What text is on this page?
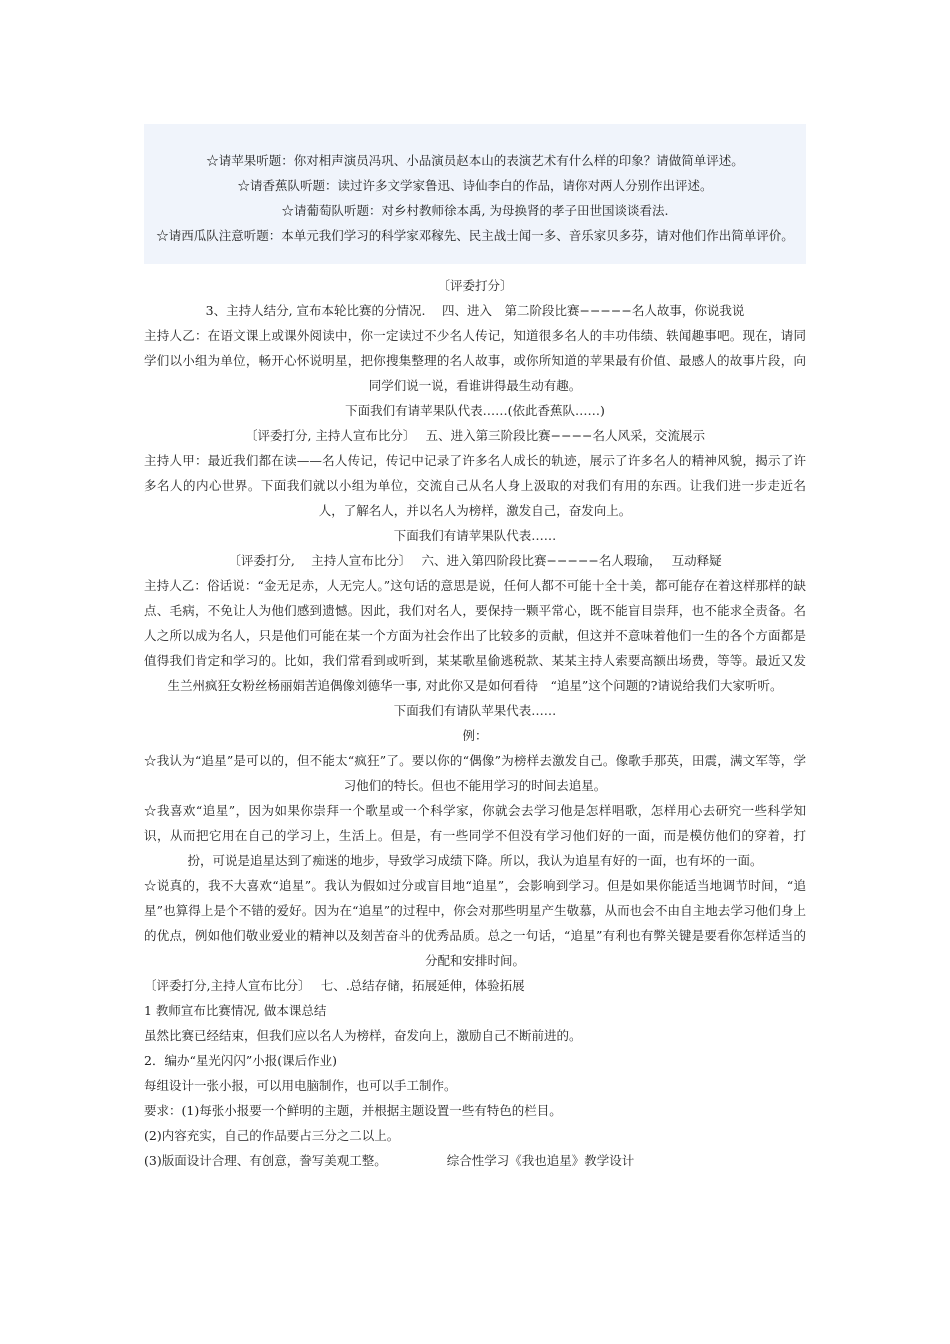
☆请苹果听题：你对相声演员冯巩、小品演员赵本山的表演艺术有什么样的印象？请做简单评述。

☆请香蕉队听题：读过许多文学家鲁迅、诗仙李白的作品，请你对两人分别作出评述。

☆请葡萄队听题：对乡村教师徐本禹, 为母换肾的孝子田世国谈谈看法.

☆请西瓜队注意听题：本单元我们学习的科学家邓稼先、民主战士闻一多、音乐家贝多芬，请对他们作出简单评价。

〔评委打分〕

3、主持人结分, 宣布本轮比赛的分情况.　 四、进入　第二阶段比赛−−−−−名人故事，你说我说

主持人乙：在语文课上或课外阅读中，你一定读过不少名人传记，知道很多名人的丰功伟绩、轶闻趣事吧。现在，请同学们以小组为单位，畅开心怀说明星，把你搜集整理的名人故事，或你所知道的苹果最有价值、最感人的故事片段，向同学们说一说，看谁讲得最生动有趣。

下面我们有请苹果队代表……(依此香蕉队……)

〔评委打分, 主持人宣布比分〕　 五、进入第三阶段比赛−−−−名人风采，交流展示

主持人甲：最近我们都在读——名人传记，传记中记录了许多名人成长的轨迹，展示了许多名人的精神风貌，揭示了许多名人的内心世界。下面我们就以小组为单位，交流自己从名人身上汲取的对我们有用的东西。让我们进一步走近名人，了解名人，并以名人为榜样，激发自己，奋发向上。

下面我们有请苹果队代表……

〔评委打分,　 主持人宣布比分〕　 六、进入第四阶段比赛−−−−−名人瑕瑜，　 互动释疑

主持人乙：俗话说：“金无足赤，人无完人。”这句话的意思是说，任何人都不可能十全十美，都可能存在着这样那样的缺点、毛病，不免让人为他们感到遗憾。因此，我们对名人，要保持一颗平常心，既不能盲目崇拜，也不能求全责备。名人之所以成为名人，只是他们可能在某一个方面为社会作出了比较多的贡献，但这并不意味着他们一生的各个方面都是值得我们肯定和学习的。比如，我们常看到或听到，某某歌星偷逃税款、某某主持人索要高额出场费，等等。最近又发生兰州疯狂女粉丝杨丽娟苦追偶像刘德华一事, 对此你又是如何看待　“追星”这个问题的?请说给我们大家听听。

下面我们有请队苹果代表……

例：

☆我认为“追星”是可以的，但不能太“疯狂”了。要以你的“偶像”为榜样去激发自己。像歌手那英，田震，满文军等，学习他们的特长。但也不能用学习的时间去追星。

☆我喜欢“追星”，因为如果你崇拜一个歌星或一个科学家，你就会去学习他是怎样唱歌，怎样用心去研究一些科学知识，从而把它用在自己的学习上，生活上。但是，有一些同学不但没有学习他们好的一面，而是模仿他们的穿着，打扮，可说是追星达到了痴迷的地步，导致学习成绩下降。所以，我认为追星有好的一面，也有坏的一面。

☆说真的，我不大喜欢“追星”。我认为假如过分或盲目地“追星”，会影响到学习。但是如果你能适当地调节时间，“追星”也算得上是个不错的爱好。因为在“追星”的过程中，你会对那些明星产生敬慕，从而也会不由自主地去学习他们身上的优点，例如他们敬业爱业的精神以及刻苦奋斗的优秀品质。总之一句话，“追星”有利也有弊关键是要看你怎样适当的分配和安排时间。

〔评委打分,主持人宣布比分〕　 七、.总结存储，拓展延伸，体验拓展

1 教师宣布比赛情况, 做本课总结

虽然比赛已经结束，但我们应以名人为榜样，奋发向上，激励自己不断前进的。

2．编办“星光闪闪”小报(课后作业)

每组设计一张小报，可以用电脑制作，也可以手工制作。

要求：(1)每张小报要一个鲜明的主题，并根据主题设置一些有特色的栏目。

(2)内容充实，自己的作品要占三分之二以上。

(3)版面设计合理、有创意，誊写美观工整。	综合性学习《我也追星》教学设计
